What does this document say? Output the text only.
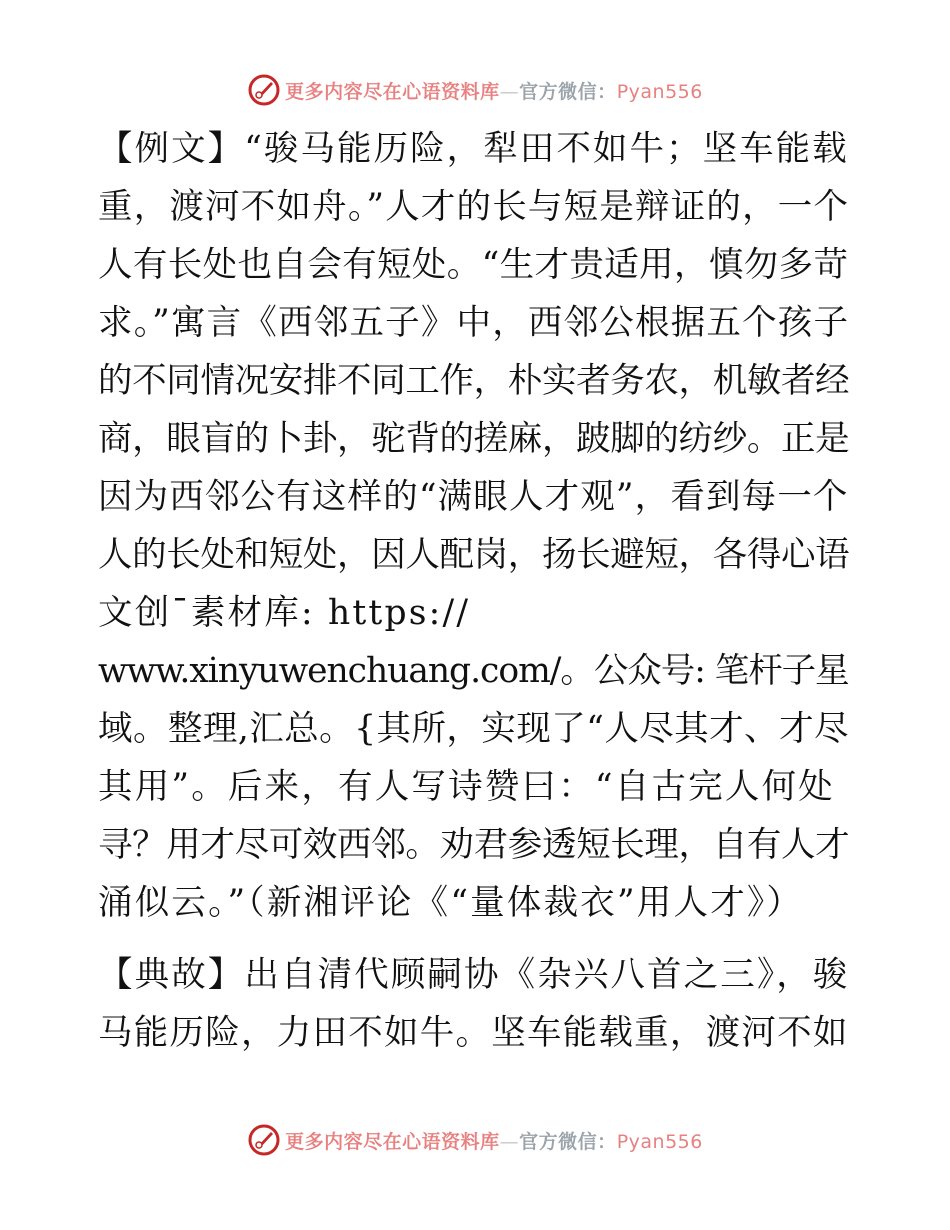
更多内容尽在心语资料库—官方微信：Pyan556

【例文】“骏马能历险，犁田不如牛；坚车能载
重，渡河不如舟。”人才的长与短是辩证的，一个
人有长处也自会有短处。“生才贵适用，慎勿多苛
求。”寓言《西邻五子》中，西邻公根据五个孩子
的不同情况安排不同工作，朴实者务农，机敏者经
商，眼盲的卜卦，驼背的搓麻，跛脚的纺纱。正是
因为西邻公有这样的“满眼人才观”，看到每一个
人的长处和短处，因人配岗，扬长避短，各得心语
文创¯素材库: https://
www.xinyuwenchuang.com/。公众号: 笔杆子星
域。整理,汇总。{其所，实现了“人尽其才、才尽
其用”。后来，有人写诗赞曰：“自古完人何处
寻？用才尽可效西邻。劝君参透短长理，自有人才
涌似云。”（新湘评论《“量体裁衣”用人才》）

【典故】出自清代顾嗣协《杂兴八首之三》，骏
马能历险，力田不如牛。坚车能载重，渡河不如

更多内容尽在心语资料库—官方微信：Pyan556
